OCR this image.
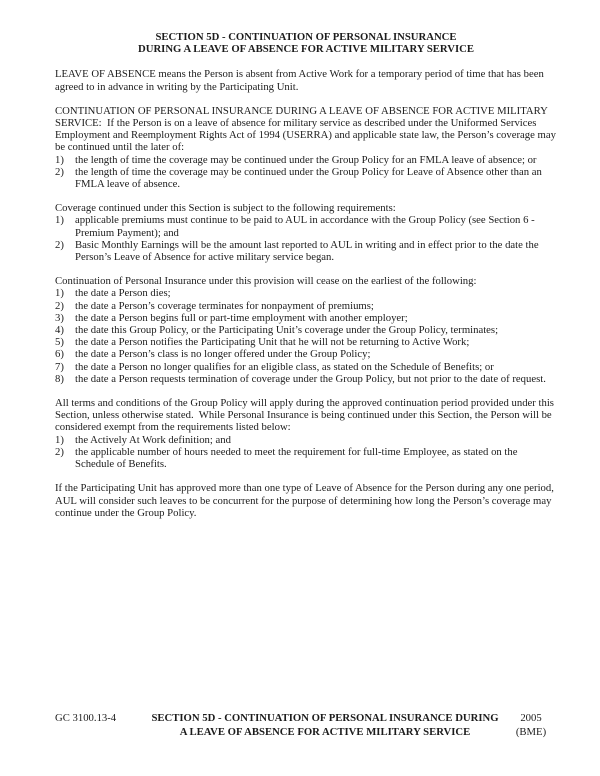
SECTION 5D - CONTINUATION OF PERSONAL INSURANCE
DURING A LEAVE OF ABSENCE FOR ACTIVE MILITARY SERVICE
LEAVE OF ABSENCE means the Person is absent from Active Work for a temporary period of time that has been agreed to in advance in writing by the Participating Unit.
CONTINUATION OF PERSONAL INSURANCE DURING A LEAVE OF ABSENCE FOR ACTIVE MILITARY SERVICE:  If the Person is on a leave of absence for military service as described under the Uniformed Services Employment and Reemployment Rights Act of 1994 (USERRA) and applicable state law, the Person’s coverage may be continued until the later of:
1)	the length of time the coverage may be continued under the Group Policy for an FMLA leave of absence; or
2)	the length of time the coverage may be continued under the Group Policy for Leave of Absence other than an FMLA leave of absence.
Coverage continued under this Section is subject to the following requirements:
1)	applicable premiums must continue to be paid to AUL in accordance with the Group Policy (see Section 6 - Premium Payment); and
2)	Basic Monthly Earnings will be the amount last reported to AUL in writing and in effect prior to the date the Person’s Leave of Absence for active military service began.
Continuation of Personal Insurance under this provision will cease on the earliest of the following:
1)	the date a Person dies;
2)	the date a Person’s coverage terminates for nonpayment of premiums;
3)	the date a Person begins full or part-time employment with another employer;
4)	the date this Group Policy, or the Participating Unit’s coverage under the Group Policy, terminates;
5)	the date a Person notifies the Participating Unit that he will not be returning to Active Work;
6)	the date a Person’s class is no longer offered under the Group Policy;
7)	the date a Person no longer qualifies for an eligible class, as stated on the Schedule of Benefits; or
8)	the date a Person requests termination of coverage under the Group Policy, but not prior to the date of request.
All terms and conditions of the Group Policy will apply during the approved continuation period provided under this Section, unless otherwise stated.  While Personal Insurance is being continued under this Section, the Person will be considered exempt from the requirements listed below:
1)	the Actively At Work definition; and
2)	the applicable number of hours needed to meet the requirement for full-time Employee, as stated on the Schedule of Benefits.
If the Participating Unit has approved more than one type of Leave of Absence for the Person during any one period, AUL will consider such leaves to be concurrent for the purpose of determining how long the Person’s coverage may continue under the Group Policy.
GC 3100.13-4	SECTION 5D - CONTINUATION OF PERSONAL INSURANCE DURING
A LEAVE OF ABSENCE FOR ACTIVE MILITARY SERVICE
2005
(BME)
